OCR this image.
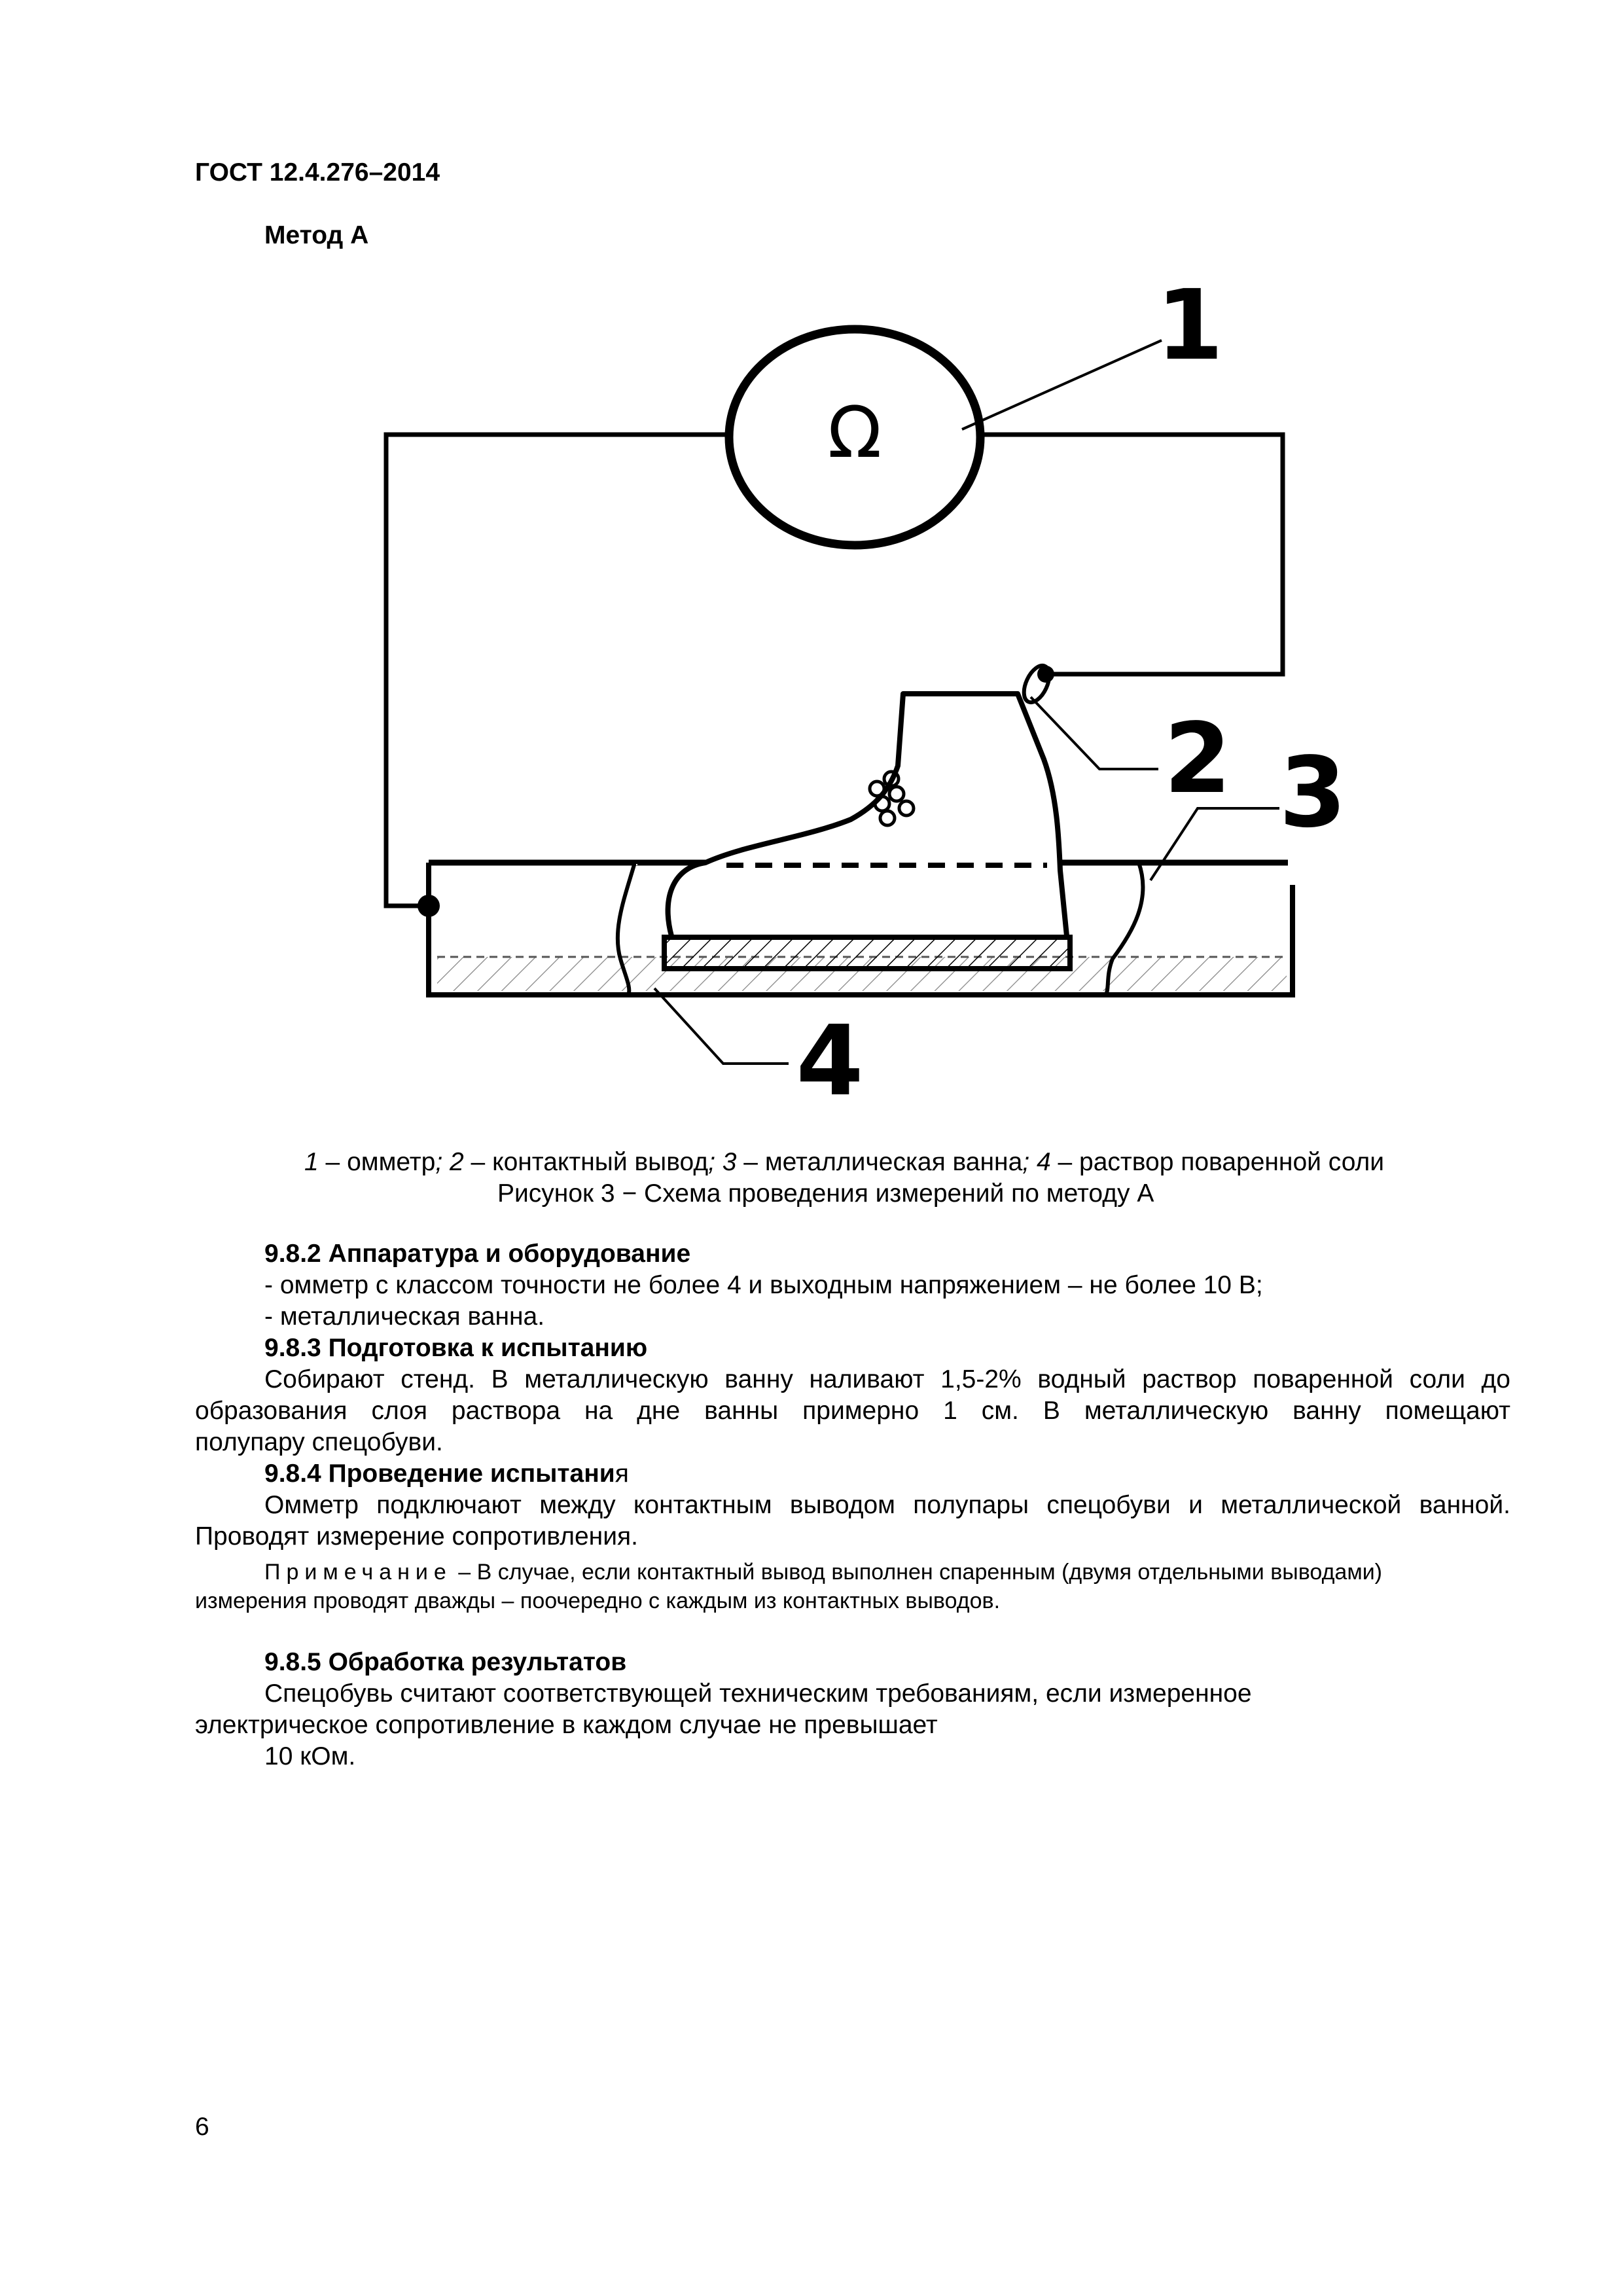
ГОСТ 12.4.276–2014
Метод А
Ω
1
2 3
4
1 – омметр; 2 – контактный вывод; 3 – металлическая ванна; 4 – раствор поваренной соли
Рисунок 3 − Схема проведения измерений по методу А
9.8.2 Аппаратура и оборудование
- омметр с классом точности не более 4 и выходным напряжением – не более 10 В;
- металлическая ванна.
9.8.3 Подготовка к испытанию
Собирают стенд. В металлическую ванну наливают 1,5-2% водный раствор поваренной соли до
образования слоя раствора на дне ванны примерно 1 см. В металлическую ванну помещают
полупару спецобуви.
9.8.4 Проведение испытания
Омметр подключают между контактным выводом полупары спецобуви и металлической ванной.
Проводят измерение сопротивления.
Примечание – В случае, если контактный вывод выполнен спаренным (двумя отдельными выводами)
измерения проводят дважды – поочередно с каждым из контактных выводов.
9.8.5 Обработка результатов
Спецобувь считают соответствующей техническим требованиям, если измеренное
электрическое сопротивление в каждом случае не превышает
10 кОм.
6
